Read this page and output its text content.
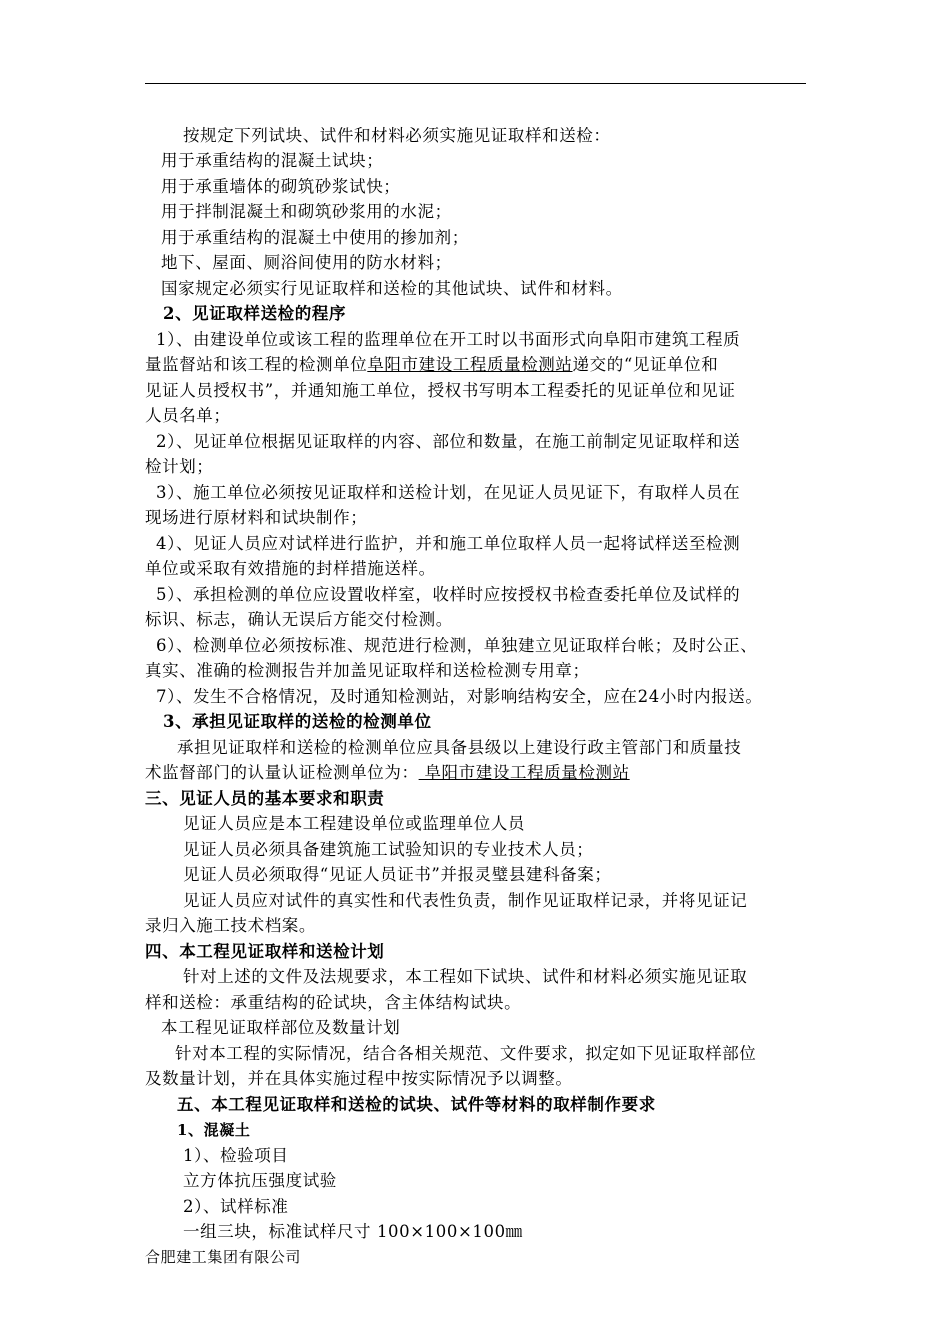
按规定下列试块、试件和材料必须实施见证取样和送检：
用于承重结构的混凝土试块；
用于承重墙体的砌筑砂浆试快；
用于拌制混凝土和砌筑砂浆用的水泥；
用于承重结构的混凝土中使用的掺加剂；
地下、屋面、厕浴间使用的防水材料；
国家规定必须实行见证取样和送检的其他试块、试件和材料。
2、见证取样送检的程序
1）、由建设单位或该工程的监理单位在开工时以书面形式向阜阳市建筑工程质
量监督站和该工程的检测单位阜阳市建设工程质量检测站递交的“见证单位和
见证人员授权书”，并通知施工单位，授权书写明本工程委托的见证单位和见证
人员名单；
2）、见证单位根据见证取样的内容、部位和数量，在施工前制定见证取样和送
检计划；
3）、施工单位必须按见证取样和送检计划，在见证人员见证下，有取样人员在
现场进行原材料和试块制作；
4）、见证人员应对试样进行监护，并和施工单位取样人员一起将试样送至检测
单位或采取有效措施的封样措施送样。
5）、承担检测的单位应设置收样室，收样时应按授权书检查委托单位及试样的
标识、标志，确认无误后方能交付检测。
6）、检测单位必须按标准、规范进行检测，单独建立见证取样台帐；及时公正、
真实、准确的检测报告并加盖见证取样和送检检测专用章；
7）、发生不合格情况，及时通知检测站，对影响结构安全，应在24小时内报送。
3、承担见证取样的送检的检测单位
承担见证取样和送检的检测单位应具备县级以上建设行政主管部门和质量技
术监督部门的认量认证检测单位为： 阜阳市建设工程质量检测站
三、见证人员的基本要求和职责
见证人员应是本工程建设单位或监理单位人员
见证人员必须具备建筑施工试验知识的专业技术人员；
见证人员必须取得“见证人员证书”并报灵璧县建科备案；
见证人员应对试件的真实性和代表性负责，制作见证取样记录，并将见证记
录归入施工技术档案。
四、本工程见证取样和送检计划
针对上述的文件及法规要求，本工程如下试块、试件和材料必须实施见证取
样和送检：承重结构的砼试块，含主体结构试块。
本工程见证取样部位及数量计划
针对本工程的实际情况，结合各相关规范、文件要求，拟定如下见证取样部位
及数量计划，并在具体实施过程中按实际情况予以调整。
五、本工程见证取样和送检的试块、试件等材料的取样制作要求
1、混凝土
1）、检验项目
立方体抗压强度试验
2）、试样标准
一组三块，标准试样尺寸 100×100×100㎜
合肥建工集团有限公司
